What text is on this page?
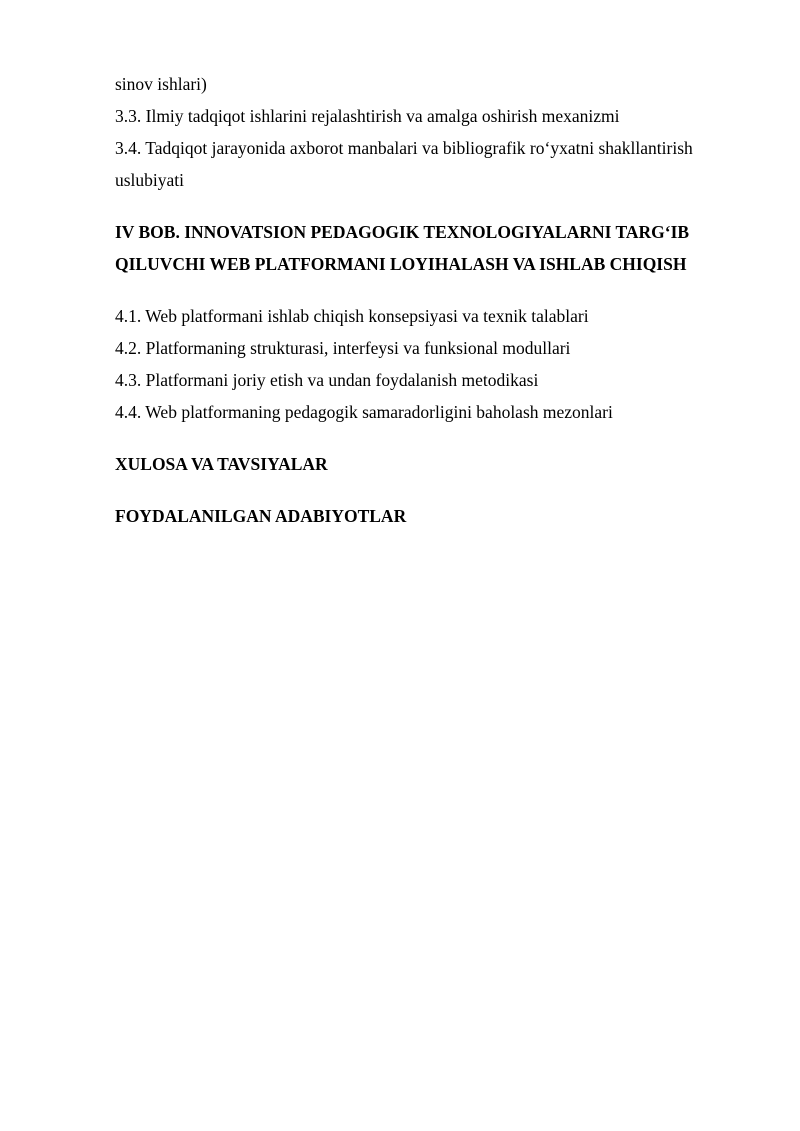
sinov ishlari)

3.3. Ilmiy tadqiqot ishlarini rejalashtirish va amalga oshirish mexanizmi

3.4. Tadqiqot jarayonida axborot manbalari va bibliografik ro‘yxatni shakllantirish uslubiyati

IV BOB. INNOVATSION PEDAGOGIK TEXNOLOGIYALARNI TARG‘IB QILUVCHI WEB PLATFORMANI LOYIHALASH VA ISHLAB CHIQISH

4.1. Web platformani ishlab chiqish konsepsiyasi va texnik talablari

4.2. Platformaning strukturasi, interfeysi va funksional modullari

4.3. Platformani joriy etish va undan foydalanish metodikasi

4.4. Web platformaning pedagogik samaradorligini baholash mezonlari

XULOSA VA TAVSIYALAR

FOYDALANILGAN ADABIYOTLAR
